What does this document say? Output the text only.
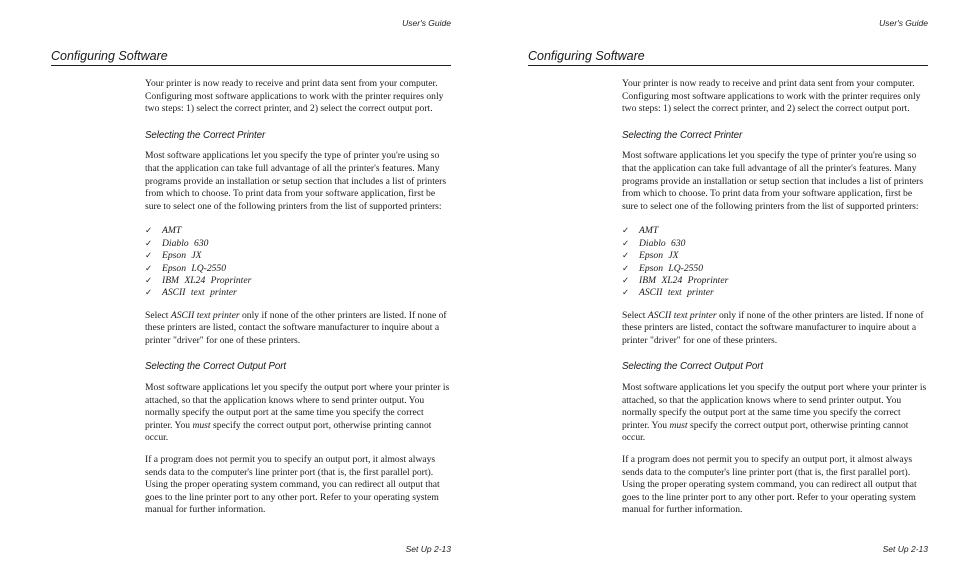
User's Guide
Configuring Software

Your printer is now ready to receive and print data sent from your computer. Configuring most software applications to work with the printer requires only two steps: 1) select the correct printer, and 2) select the correct output port.

Selecting the Correct Printer

Most software applications let you specify the type of printer you're using so that the application can take full advantage of all the printer's features. Many programs provide an installation or setup section that includes a list of printers from which to choose. To print data from your software application, first be sure to select one of the following printers from the list of supported printers:

✓	AMT
✓	Diablo 630
✓	Epson JX
✓	Epson LQ-2550
✓	IBM XL24 Proprinter
✓	ASCII text printer

Select ASCII text printer only if none of the other printers are listed. If none of these printers are listed, contact the software manufacturer to inquire about a printer "driver" for one of these printers.

Selecting the Correct Output Port

Most software applications let you specify the output port where your printer is attached, so that the application knows where to send printer output. You normally specify the output port at the same time you specify the correct printer. You must specify the correct output port, otherwise printing cannot occur.

If a program does not permit you to specify an output port, it almost always sends data to the computer's line printer port (that is, the first parallel port). Using the proper operating system command, you can redirect all output that goes to the line printer port to any other port. Refer to your operating system manual for further information.

Set Up 2-13
User's Guide
Configuring Software

Your printer is now ready to receive and print data sent from your computer. Configuring most software applications to work with the printer requires only two steps: 1) select the correct printer, and 2) select the correct output port.

Selecting the Correct Printer

Most software applications let you specify the type of printer you're using so that the application can take full advantage of all the printer's features. Many programs provide an installation or setup section that includes a list of printers from which to choose. To print data from your software application, first be sure to select one of the following printers from the list of supported printers:

✓	AMT
✓	Diablo 630
✓	Epson JX
✓	Epson LQ-2550
✓	IBM XL24 Proprinter
✓	ASCII text printer

Select ASCII text printer only if none of the other printers are listed. If none of these printers are listed, contact the software manufacturer to inquire about a printer "driver" for one of these printers.

Selecting the Correct Output Port

Most software applications let you specify the output port where your printer is attached, so that the application knows where to send printer output. You normally specify the output port at the same time you specify the correct printer. You must specify the correct output port, otherwise printing cannot occur.

If a program does not permit you to specify an output port, it almost always sends data to the computer's line printer port (that is, the first parallel port). Using the proper operating system command, you can redirect all output that goes to the line printer port to any other port. Refer to your operating system manual for further information.

Set Up 2-13
